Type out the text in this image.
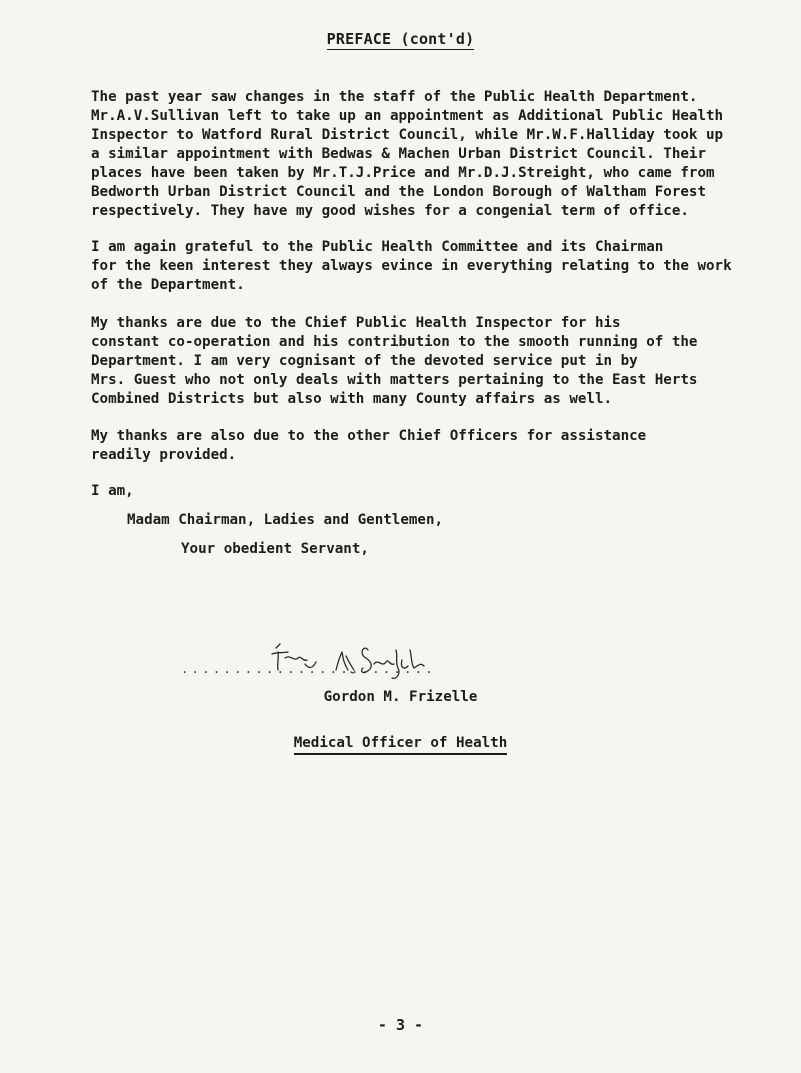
PREFACE (cont'd)

The past year saw changes in the staff of the Public Health Department.
Mr.A.V.Sullivan left to take up an appointment as Additional Public Health
Inspector to Watford Rural District Council, while Mr.W.F.Halliday took up
a similar appointment with Bedwas & Machen Urban District Council. Their
places have been taken by Mr.T.J.Price and Mr.D.J.Streight, who came from
Bedworth Urban District Council and the London Borough of Waltham Forest
respectively. They have my good wishes for a congenial term of office.

I am again grateful to the Public Health Committee and its Chairman
for the keen interest they always evince in everything relating to the work
of the Department.

My thanks are due to the Chief Public Health Inspector for his
constant co-operation and his contribution to the smooth running of the
Department. I am very cognisant of the devoted service put in by
Mrs. Guest who not only deals with matters pertaining to the East Herts
Combined Districts but also with many County affairs as well.

My thanks are also due to the other Chief Officers for assistance
readily provided.

I am,
Madam Chairman, Ladies and Gentlemen,
Your obedient Servant,
........................
Gordon M. Frizelle
Medical Officer of Health
- 3 -
